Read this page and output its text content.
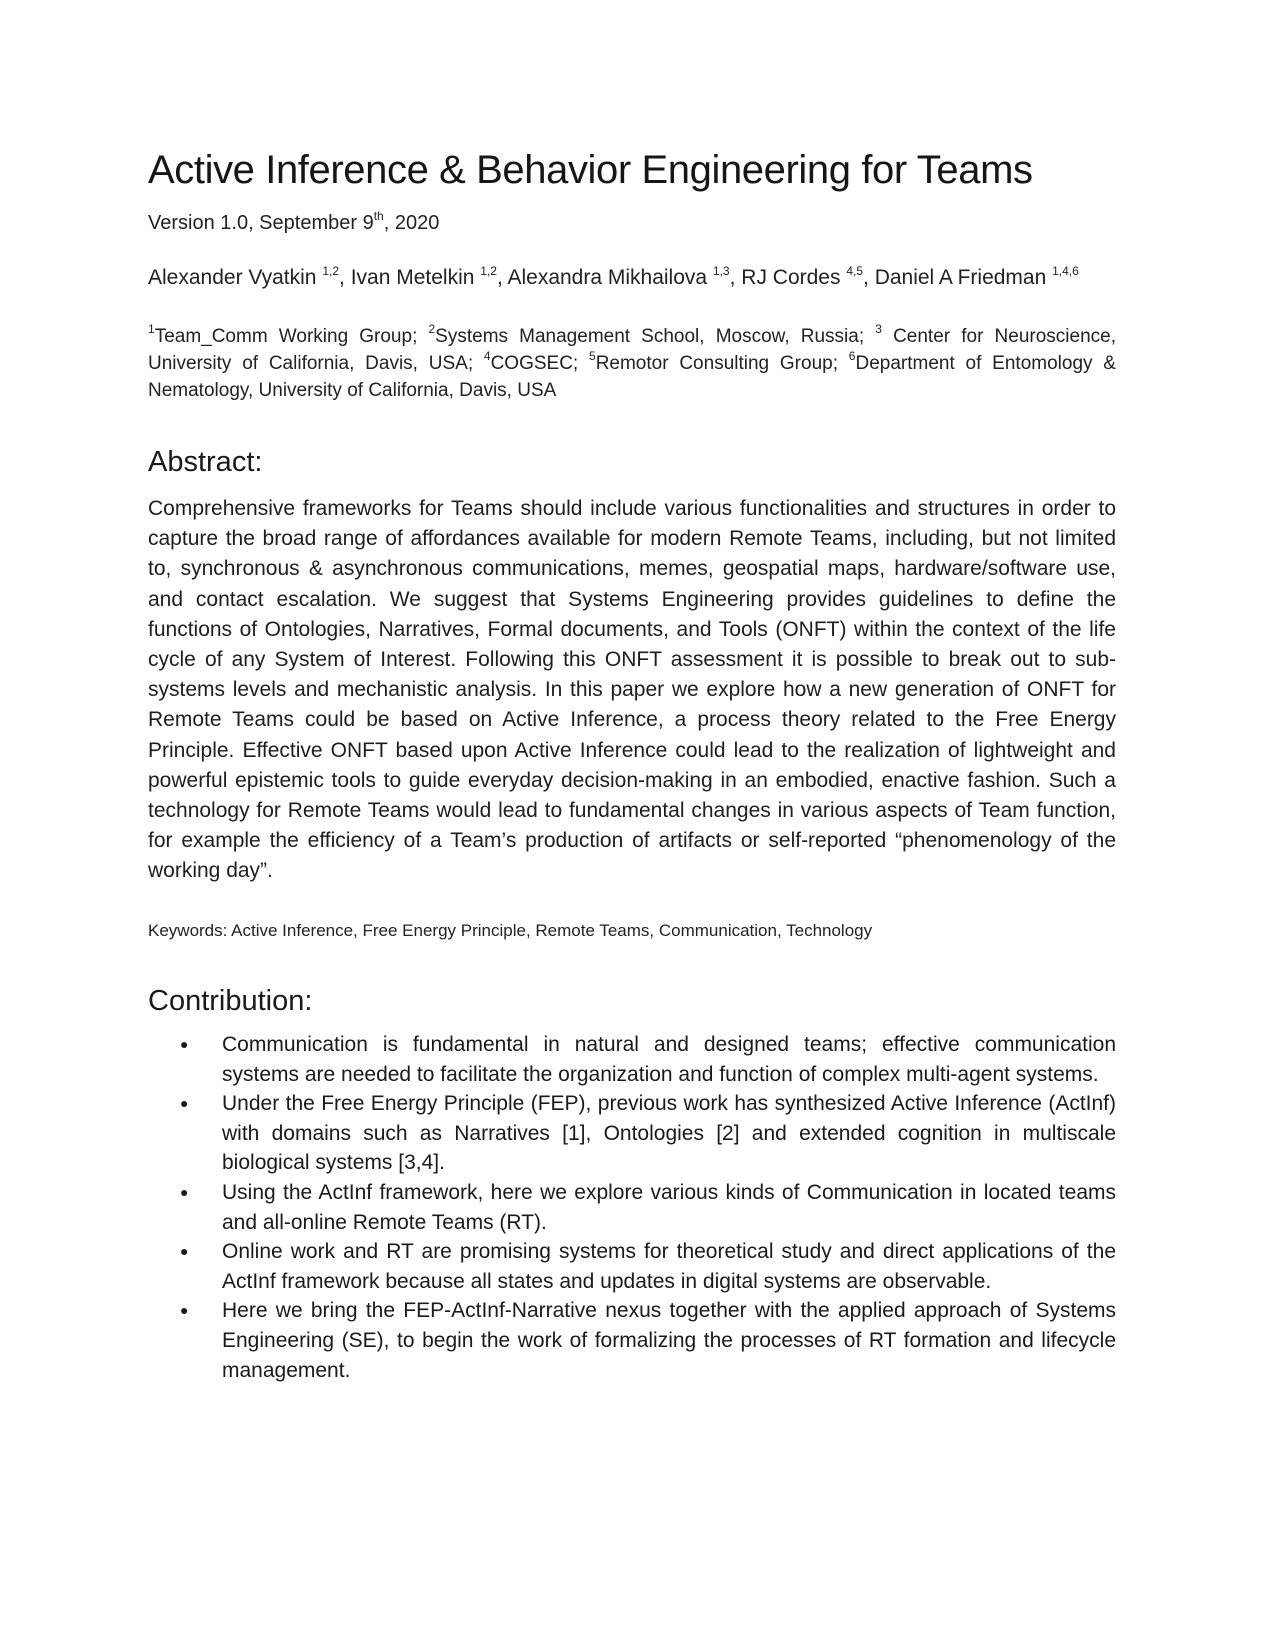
Active Inference & Behavior Engineering for Teams
Version 1.0, September 9th, 2020
Alexander Vyatkin $^{1,2}$, Ivan Metelkin $^{1,2}$, Alexandra Mikhailova $^{1,3}$, RJ Cordes $^{4,5}$, Daniel A Friedman $^{1,4,6}$
$^1$Team_Comm Working Group; $^2$Systems Management School, Moscow, Russia; $^3$ Center for Neuroscience, University of California, Davis, USA; $^4$COGSEC; $^5$Remotor Consulting Group; $^6$Department of Entomology & Nematology, University of California, Davis, USA
Abstract:

Comprehensive frameworks for Teams should include various functionalities and structures in order to capture the broad range of affordances available for modern Remote Teams, including, but not limited to, synchronous & asynchronous communications, memes, geospatial maps, hardware/software use, and contact escalation. We suggest that Systems Engineering provides guidelines to define the functions of Ontologies, Narratives, Formal documents, and Tools (ONFT) within the context of the life cycle of any System of Interest. Following this ONFT assessment it is possible to break out to sub-systems levels and mechanistic analysis. In this paper we explore how a new generation of ONFT for Remote Teams could be based on Active Inference, a process theory related to the Free Energy Principle. Effective ONFT based upon Active Inference could lead to the realization of lightweight and powerful epistemic tools to guide everyday decision-making in an embodied, enactive fashion. Such a technology for Remote Teams would lead to fundamental changes in various aspects of Team function, for example the efficiency of a Team’s production of artifacts or self-reported “phenomenology of the working day”.

Keywords: Active Inference, Free Energy Principle, Remote Teams, Communication, Technology
Contribution:
● Communication is fundamental in natural and designed teams; effective communication systems are needed to facilitate the organization and function of complex multi-agent systems.
● Under the Free Energy Principle (FEP), previous work has synthesized Active Inference (ActInf) with domains such as Narratives [1], Ontologies [2] and extended cognition in multiscale biological systems [3,4].
● Using the ActInf framework, here we explore various kinds of Communication in located teams and all-online Remote Teams (RT).
● Online work and RT are promising systems for theoretical study and direct applications of the ActInf framework because all states and updates in digital systems are observable.
● Here we bring the FEP-ActInf-Narrative nexus together with the applied approach of Systems Engineering (SE), to begin the work of formalizing the processes of RT formation and lifecycle management.
